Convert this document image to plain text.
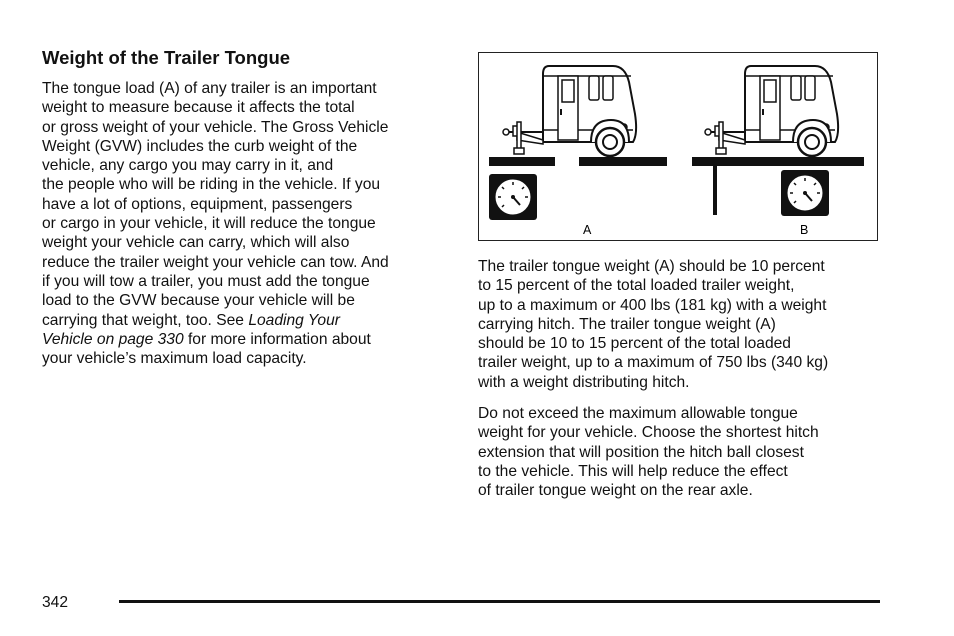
Weight of the Trailer Tongue

The tongue load (A) of any trailer is an important
weight to measure because it affects the total
or gross weight of your vehicle. The Gross Vehicle
Weight (GVW) includes the curb weight of the
vehicle, any cargo you may carry in it, and
the people who will be riding in the vehicle. If you
have a lot of options, equipment, passengers
or cargo in your vehicle, it will reduce the tongue
weight your vehicle can carry, which will also
reduce the trailer weight your vehicle can tow. And
if you will tow a trailer, you must add the tongue
load to the GVW because your vehicle will be
carrying that weight, too. See Loading Your
Vehicle on page 330 for more information about
your vehicle’s maximum load capacity.

A	B

The trailer tongue weight (A) should be 10 percent
to 15 percent of the total loaded trailer weight,
up to a maximum or 400 lbs (181 kg) with a weight
carrying hitch. The trailer tongue weight (A)
should be 10 to 15 percent of the total loaded
trailer weight, up to a maximum of 750 lbs (340 kg)
with a weight distributing hitch.

Do not exceed the maximum allowable tongue
weight for your vehicle. Choose the shortest hitch
extension that will position the hitch ball closest
to the vehicle. This will help reduce the effect
of trailer tongue weight on the rear axle.

342
